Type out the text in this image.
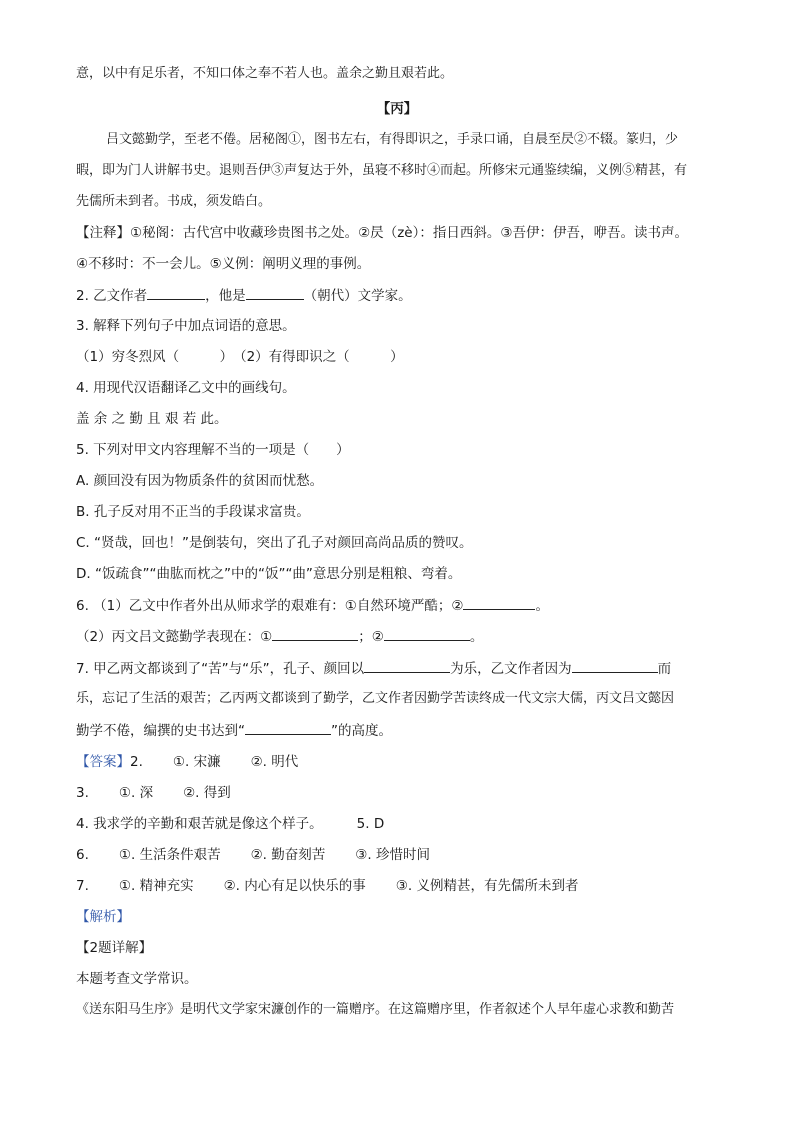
意，以中有足乐者，不知口体之奉不若人也。盖余之勤且艰若此。
【丙】
吕文懿勤学，至老不倦。居秘阁①，图书左右，有得即识之，手录口诵，自晨至昃②不辍。篆归，少
暇，即为门人讲解书史。退则吾伊③声复达于外，虽寝不移时④而起。所修宋元通鉴续编，义例⑤精甚，有
先儒所未到者。书成，须发皓白。
【注释】①秘阁：古代宫中收藏珍贵图书之处。②昃（zè）：指日西斜。③吾伊：伊吾，咿吾。读书声。
④不移时：不一会儿。⑤义例：阐明义理的事例。
2. 乙文作者	，他是	（朝代）文学家。
3. 解释下列句子中加点词语的意思。
（1）穷冬烈风（　　　）　（2）有得即识之（　　　）
4. 用现代汉语翻译乙文中的画线句。
盖 余 之 勤 且 艰 若 此。
5. 下列对甲文内容理解不当的一项是（　　）
A. 颜回没有因为物质条件的贫困而忧愁。
B. 孔子反对用不正当的手段谋求富贵。
C. “贤哉，回也！”是倒装句，突出了孔子对颜回高尚品质的赞叹。
D. “饭疏食”“曲肱而枕之”中的“饭”“曲”意思分别是粗粮、弯着。
6. （1）乙文中作者外出从师求学的艰难有：①自然环境严酷；②	。
（2）丙文吕文懿勤学表现在：①	；②	。
7. 甲乙两文都谈到了“苦”与“乐”，孔子、颜回以	为乐，乙文作者因为	而
乐，忘记了生活的艰苦；乙丙两文都谈到了勤学，乙文作者因勤学苦读终成一代文宗大儒，丙文吕文懿因
勤学不倦，编撰的史书达到“	”的高度。
【答案】2. ①. 宋濂 ②. 明代
3. ①. 深 ②. 得到
4. 我求学的辛勤和艰苦就是像这个样子。	5. D
6. ①. 生活条件艰苦 ②. 勤奋刻苦 ③. 珍惜时间
7. ①. 精神充实 ②. 内心有足以快乐的事 ③. 义例精甚，有先儒所未到者
【解析】
【2题详解】
本题考查文学常识。
《送东阳马生序》是明代文学家宋濂创作的一篇赠序。在这篇赠序里，作者叙述个人早年虚心求教和勤苦
